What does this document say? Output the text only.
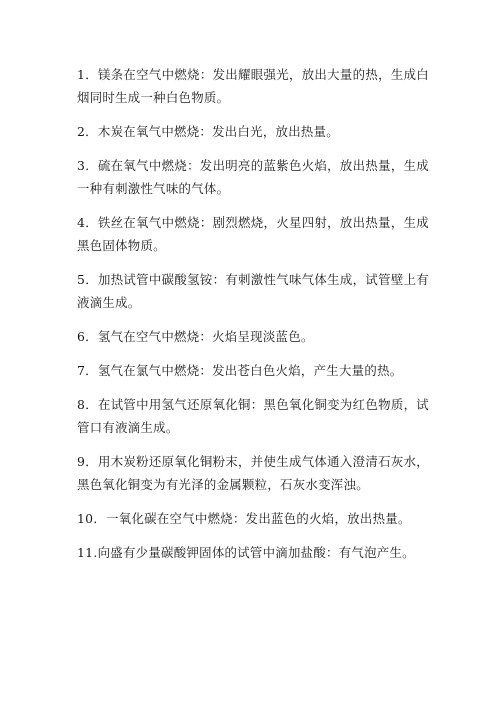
1．镁条在空气中燃烧：发出耀眼强光，放出大量的热，生成白烟同时生成一种白色物质。
2．木炭在氧气中燃烧：发出白光，放出热量。
3．硫在氧气中燃烧：发出明亮的蓝紫色火焰，放出热量，生成一种有刺激性气味的气体。
4．铁丝在氧气中燃烧：剧烈燃烧，火星四射，放出热量，生成黑色固体物质。
5．加热试管中碳酸氢铵：有刺激性气味气体生成，试管壁上有液滴生成。
6．氢气在空气中燃烧：火焰呈现淡蓝色。
7．氢气在氯气中燃烧：发出苍白色火焰，产生大量的热。
8．在试管中用氢气还原氧化铜：黑色氧化铜变为红色物质，试管口有液滴生成。
9．用木炭粉还原氧化铜粉末，并使生成气体通入澄清石灰水，黑色氧化铜变为有光泽的金属颗粒，石灰水变浑浊。
10．一氧化碳在空气中燃烧：发出蓝色的火焰，放出热量。
11.向盛有少量碳酸钾固体的试管中滴加盐酸：有气泡产生。
